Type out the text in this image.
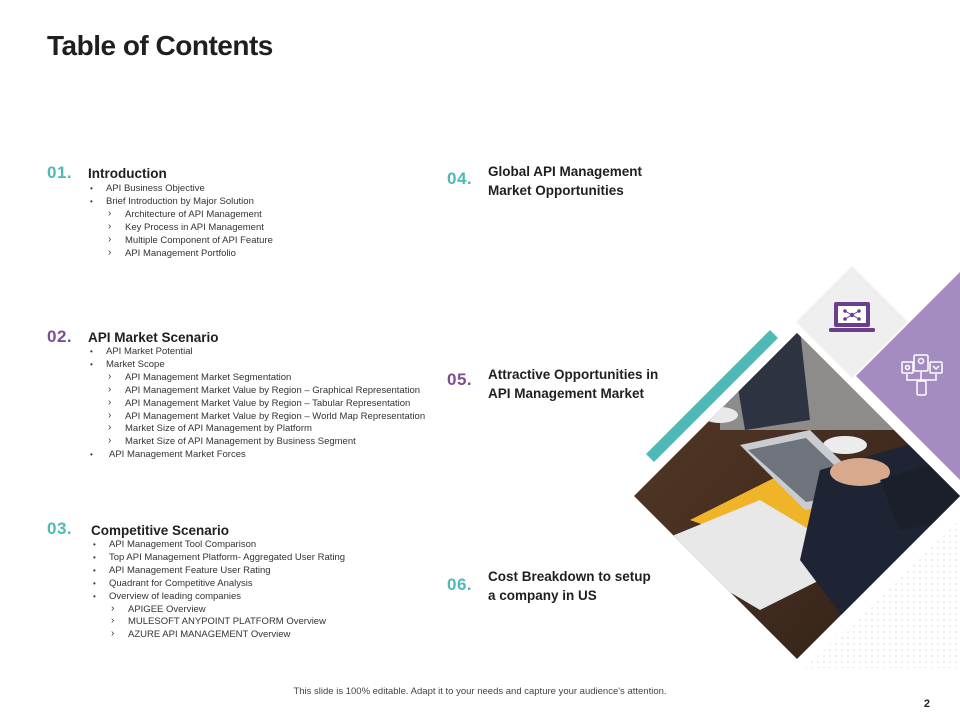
Table of Contents
01. Introduction
• API Business Objective
• Brief Introduction by Major Solution
› Architecture of API Management
› Key Process in API Management
› Multiple Component of API Feature
› API Management Portfolio
02. API Market Scenario
• API Market Potential
• Market Scope
› API Management Market Segmentation
› API Management Market Value by Region – Graphical Representation
› API Management Market Value by Region – Tabular Representation
› API Management Market Value by Region – World Map Representation
› Market Size of API Management by Platform
› Market Size of API Management by Business Segment
• API Management Market Forces
03. Competitive Scenario
• API Management Tool Comparison
• Top API Management Platform- Aggregated User Rating
• API Management Feature User Rating
• Quadrant for Competitive Analysis
• Overview of leading companies
› APIGEE Overview
› MULESOFT ANYPOINT PLATFORM Overview
› AZURE API MANAGEMENT Overview
04. Global API Management
Market Opportunities
05. Attractive Opportunities in
API Management Market
06. Cost Breakdown to setup
a company in US
This slide is 100% editable. Adapt it to your needs and capture your audience's attention.
2
